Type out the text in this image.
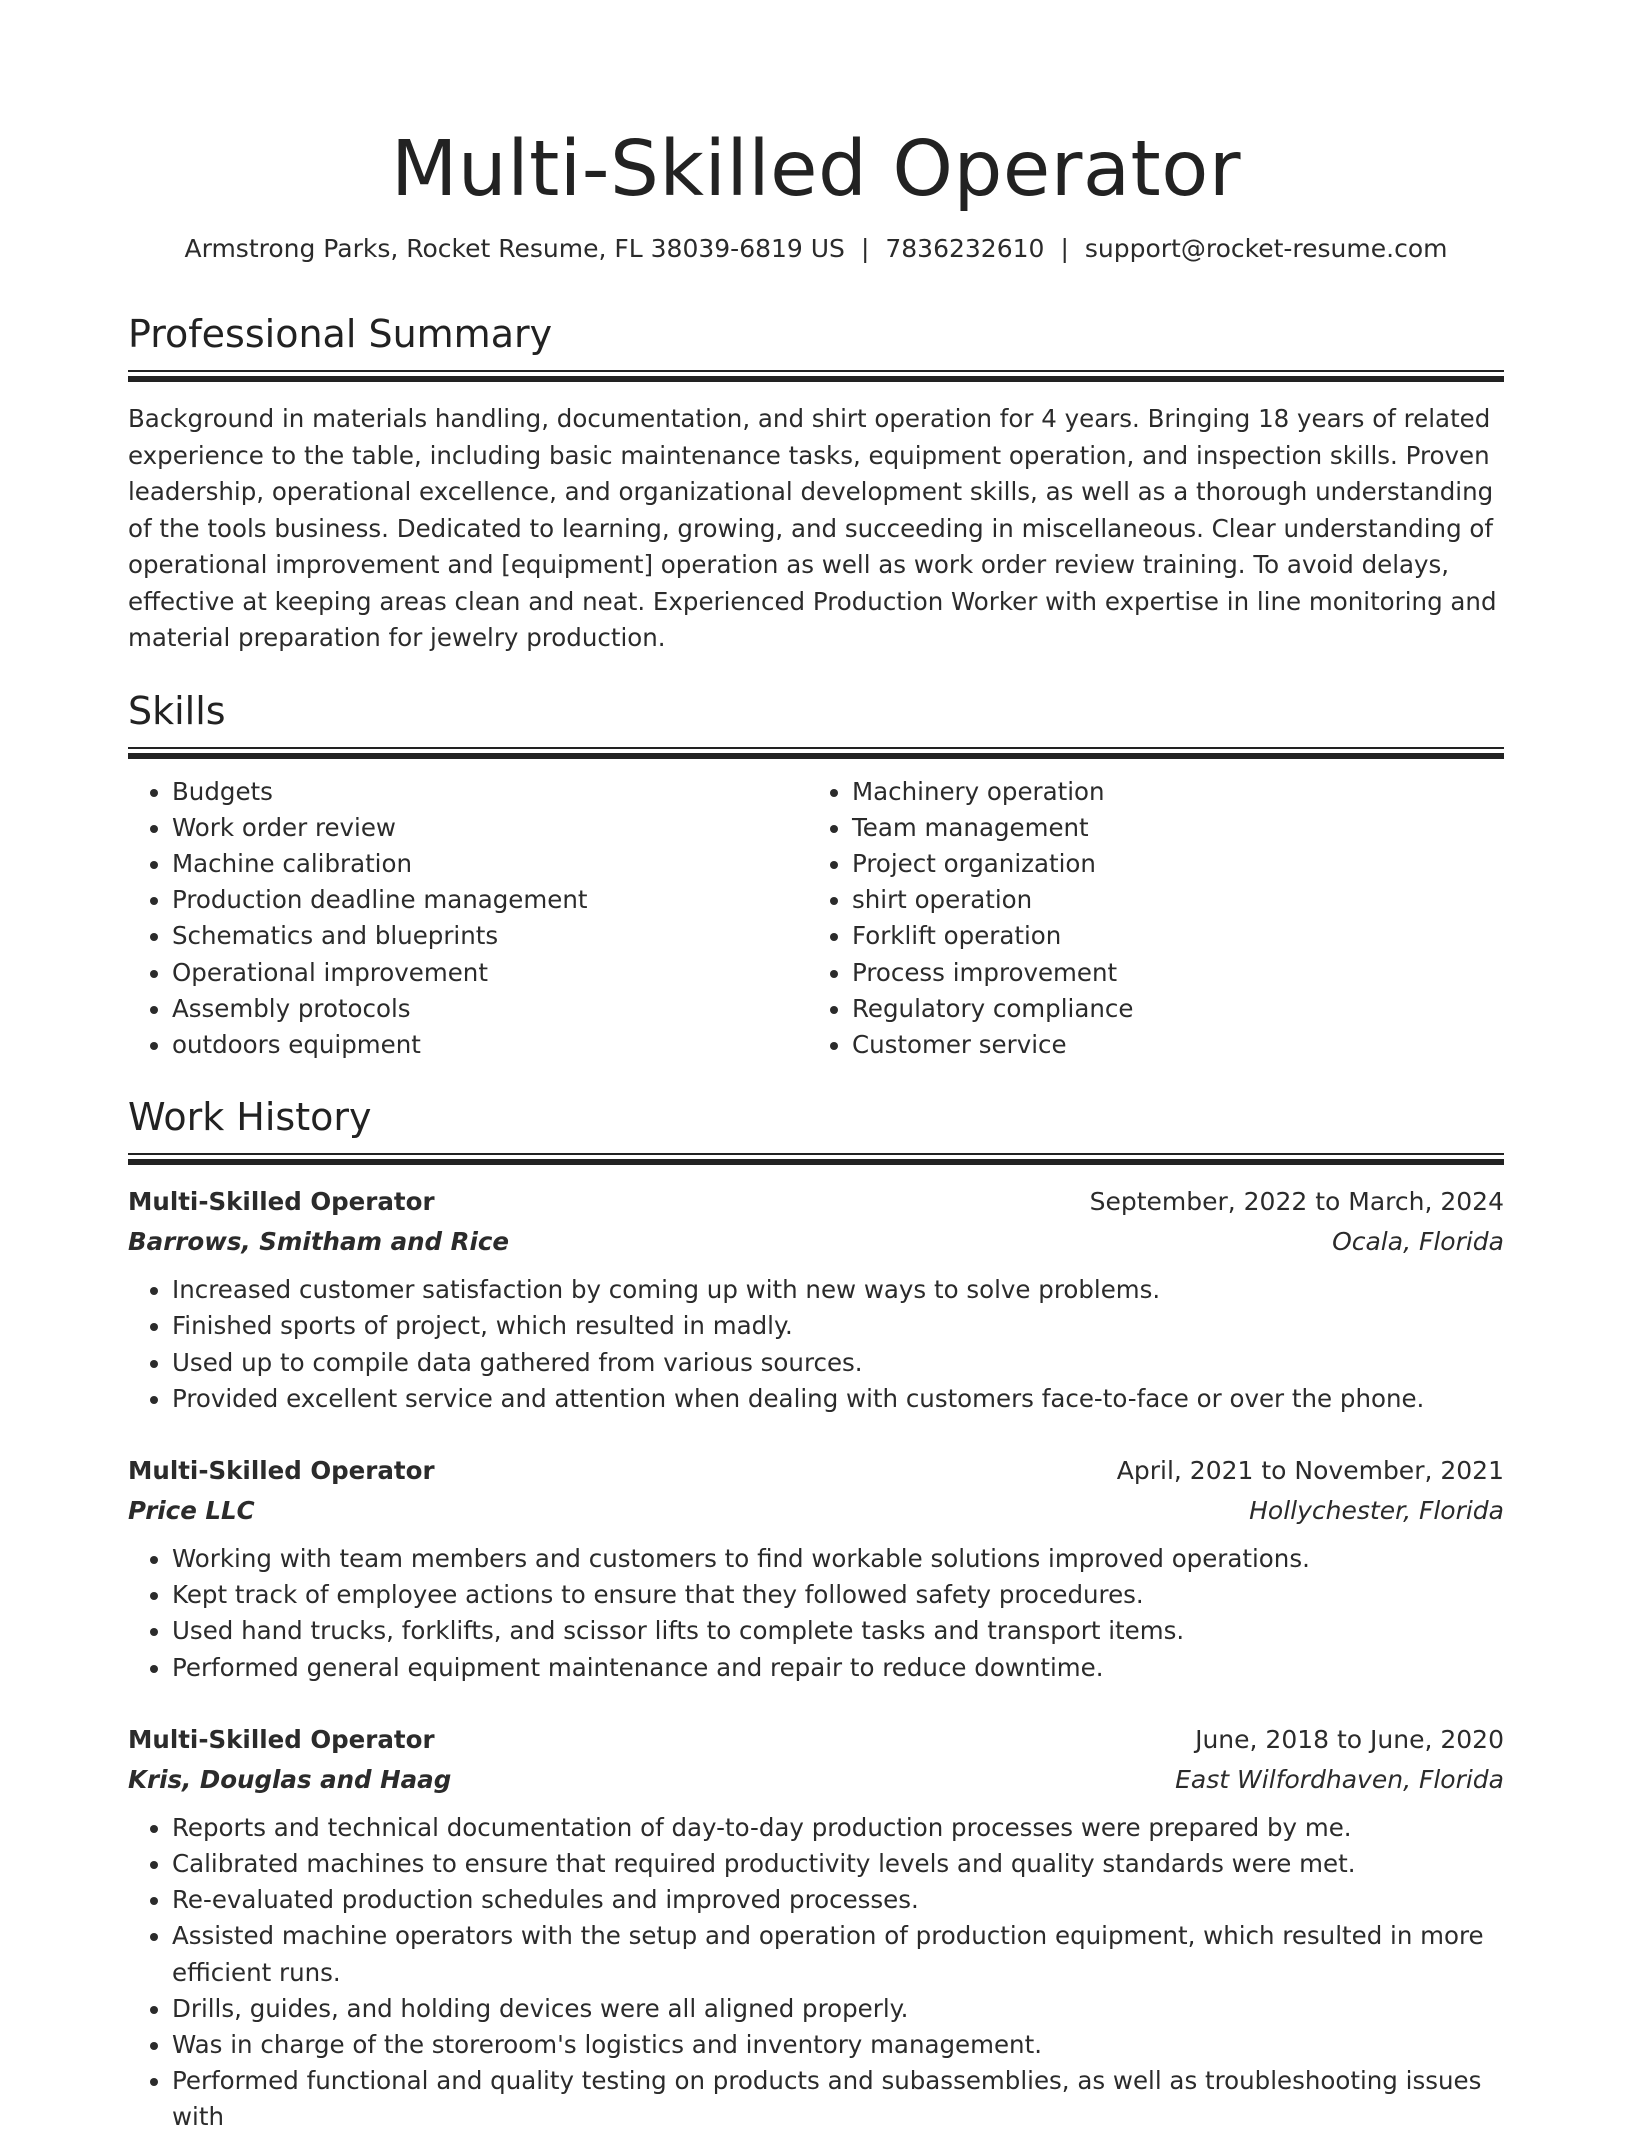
Multi-Skilled Operator
Armstrong Parks, Rocket Resume, FL 38039-6819 US | 7836232610 | support@rocket-resume.com
Professional Summary

Background in materials handling, documentation, and shirt operation for 4 years. Bringing 18 years of related experience to the table, including basic maintenance tasks, equipment operation, and inspection skills. Proven leadership, operational excellence, and organizational development skills, as well as a thorough understanding of the tools business. Dedicated to learning, growing, and succeeding in miscellaneous. Clear understanding of operational improvement and [equipment] operation as well as work order review training. To avoid delays, effective at keeping areas clean and neat. Experienced Production Worker with expertise in line monitoring and material preparation for jewelry production.

Skills
• Budgets
• Work order review
• Machine calibration
• Production deadline management
• Schematics and blueprints
• Operational improvement
• Assembly protocols
• outdoors equipment
• Machinery operation
• Team management
• Project organization
• shirt operation
• Forklift operation
• Process improvement
• Regulatory compliance
• Customer service
Work History
Multi-Skilled Operator	September, 2022 to March, 2024
Barrows, Smitham and Rice	Ocala, Florida
• Increased customer satisfaction by coming up with new ways to solve problems.
• Finished sports of project, which resulted in madly.
• Used up to compile data gathered from various sources.
• Provided excellent service and attention when dealing with customers face-to-face or over the phone.
Multi-Skilled Operator	April, 2021 to November, 2021
Price LLC	Hollychester, Florida
• Working with team members and customers to find workable solutions improved operations.
• Kept track of employee actions to ensure that they followed safety procedures.
• Used hand trucks, forklifts, and scissor lifts to complete tasks and transport items.
• Performed general equipment maintenance and repair to reduce downtime.
Multi-Skilled Operator	June, 2018 to June, 2020
Kris, Douglas and Haag	East Wilfordhaven, Florida
• Reports and technical documentation of day-to-day production processes were prepared by me.
• Calibrated machines to ensure that required productivity levels and quality standards were met.
• Re-evaluated production schedules and improved processes.
• Assisted machine operators with the setup and operation of production equipment, which resulted in more efficient runs.
• Drills, guides, and holding devices were all aligned properly.
• Was in charge of the storeroom's logistics and inventory management.
• Performed functional and quality testing on products and subassemblies, as well as troubleshooting issues with
